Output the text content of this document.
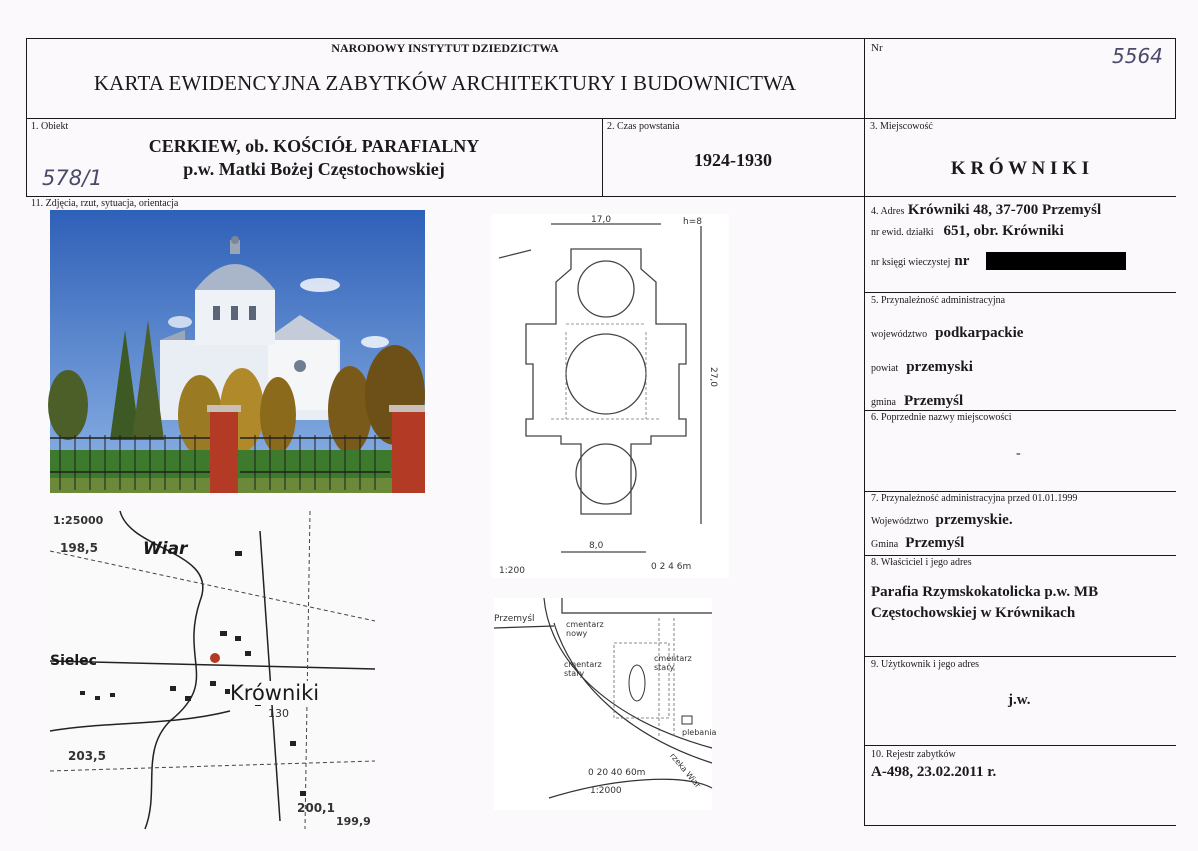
NARODOWY INSTYTUT DZIEDZICTWA
KARTA EWIDENCYJNA ZABYTKÓW ARCHITEKTURY I BUDOWNICTWA
Nr	5564
1. Obiekt
CERKIEW, ob. KOŚCIÓŁ PARAFIALNY
p.w. Matki Bożej Częstochowskiej
578/1
2. Czas powstania
1924-1930
3. Miejscowość
K R Ó W N I K I
11. Zdjęcia, rzut, sytuacja, orientacja
17,0	h=8
27,0
8,0
1:200	0 2 4 6m
1:25000
Wiar
Sielec
Krówniki
198,5
203,5
200,1
199,9
130
Przemyśl
cmentarz nowy
cmentarz stary
cmentarz stary
plebania
rzeka Wiar
0 20 40 60m
1:2000
4. Adres Krówniki 48, 37-700 Przemyśl
nr ewid. działki 651, obr. Krówniki
nr księgi wieczystej nr
5. Przynależność administracyjna
województwo podkarpackie
powiat przemyski
gmina Przemyśl
6. Poprzednie nazwy miejscowości
-
7. Przynależność administracyjna przed 01.01.1999
Województwo przemyskie.
Gmina Przemyśl
8. Właściciel i jego adres
Parafia Rzymskokatolicka p.w. MB
Częstochowskiej w Krównikach
9. Użytkownik i jego adres
j.w.
10. Rejestr zabytków
A-498, 23.02.2011 r.
